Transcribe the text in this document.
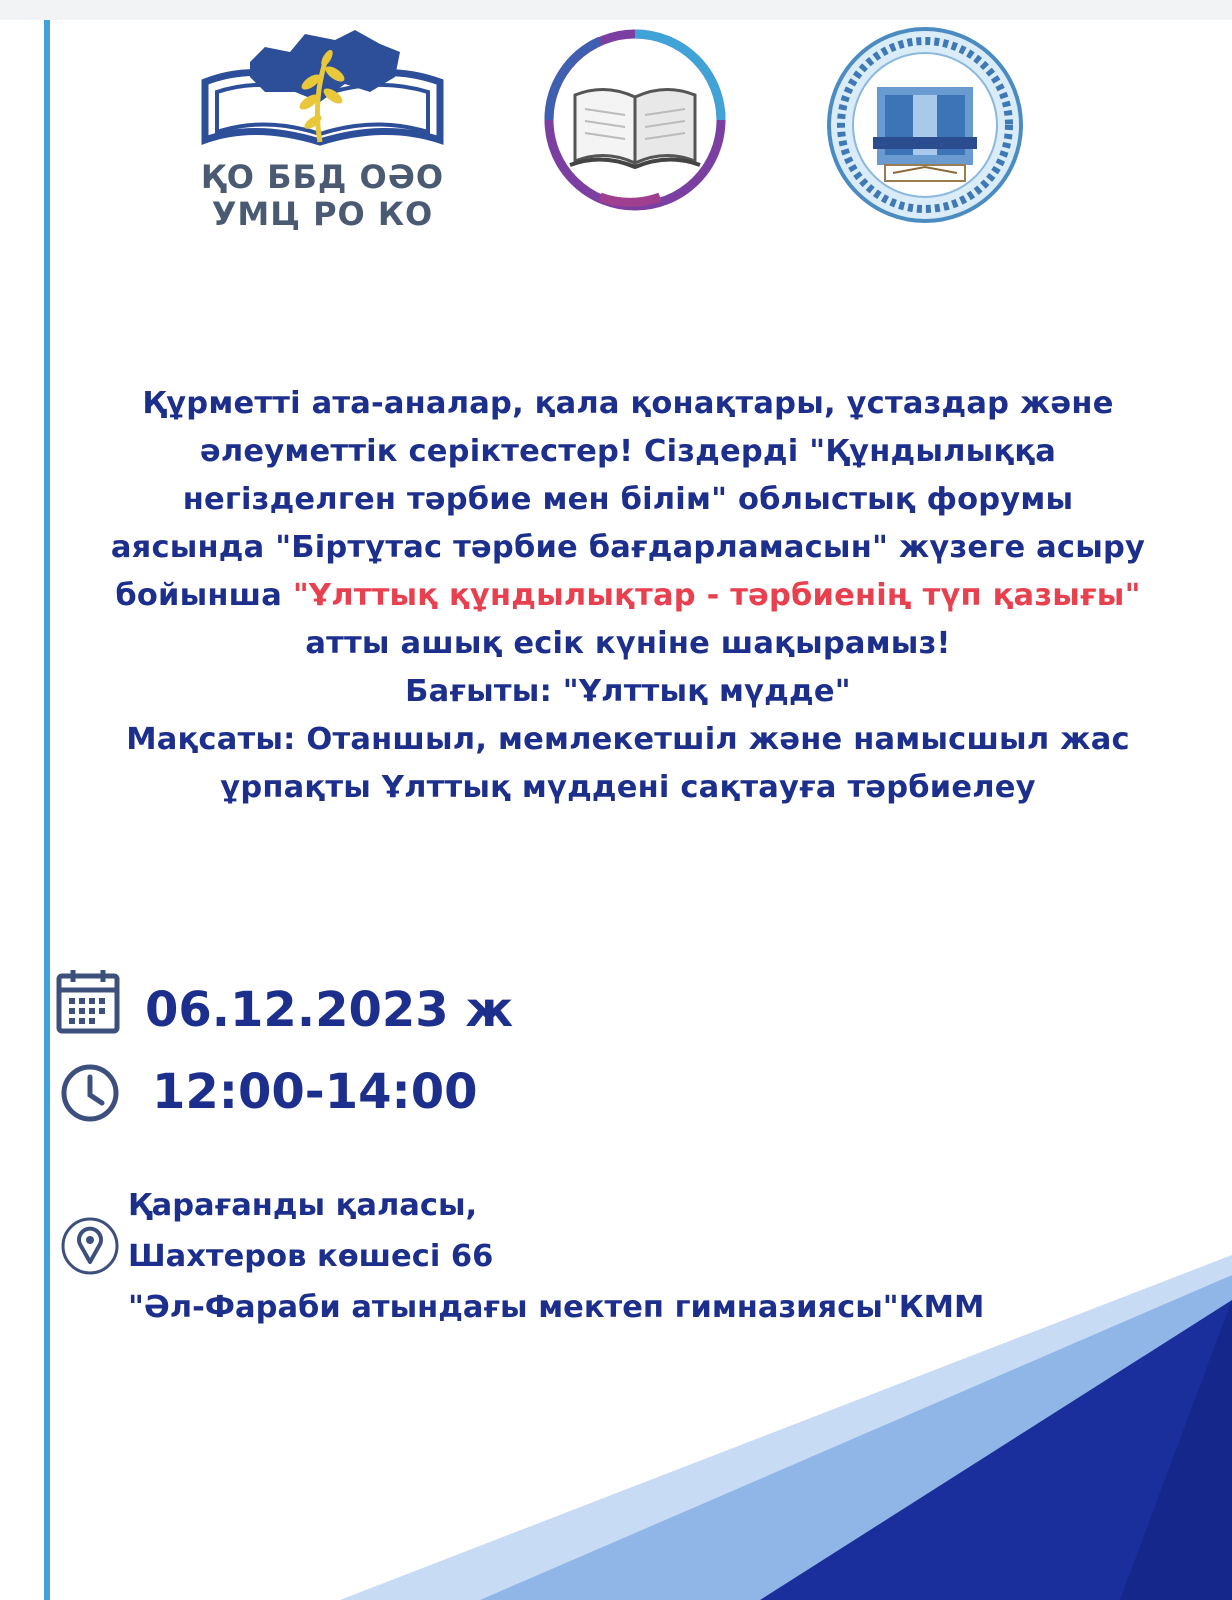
ҚО ББД ОӘО
УМЦ РО КО
Құрметті ата-аналар, қала қонақтары, ұстаздар және
әлеуметтік серіктестер! Сіздерді "Құндылыққа
негізделген тәрбие мен білім" облыстық форумы
аясында "Біртұтас тәрбие бағдарламасын" жүзеге асыру
бойынша "Ұлттық құндылықтар - тәрбиенің түп қазығы"
атты ашық есік күніне шақырамыз!
Бағыты: "Ұлттық мүдде"
Мақсаты: Отаншыл, мемлекетшіл және намысшыл жас
ұрпақты Ұлттық мүддені сақтауға тәрбиелеу
06.12.2023 ж
12:00-14:00
Қарағанды қаласы,
Шахтеров көшесі 66
"Әл-Фараби атындағы мектеп гимназиясы"КММ
